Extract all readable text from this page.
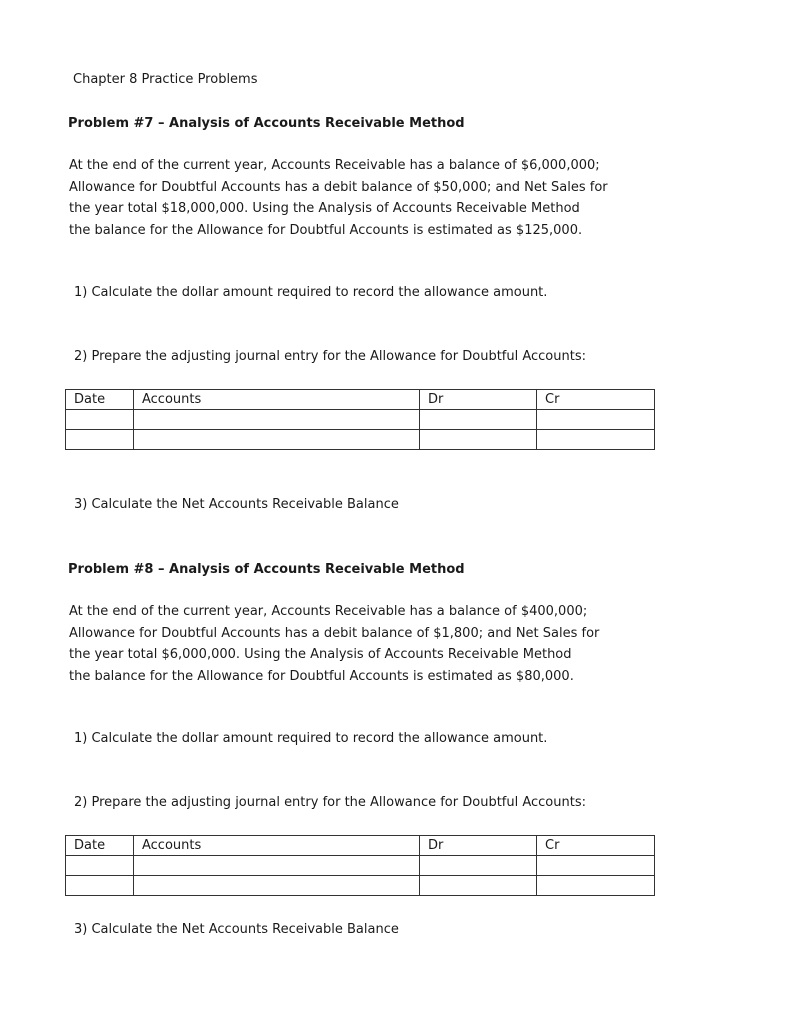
Chapter 8 Practice Problems
Problem #7 – Analysis of Accounts Receivable Method
At the end of the current year, Accounts Receivable has a balance of $6,000,000;
Allowance for Doubtful Accounts has a debit balance of $50,000; and Net Sales for
the year total $18,000,000. Using the Analysis of Accounts Receivable Method
the balance for the Allowance for Doubtful Accounts is estimated as $125,000.
1) Calculate the dollar amount required to record the allowance amount.
2) Prepare the adjusting journal entry for the Allowance for Doubtful Accounts:
Date	Accounts	Dr	Cr

3) Calculate the Net Accounts Receivable Balance
Problem #8 – Analysis of Accounts Receivable Method
At the end of the current year, Accounts Receivable has a balance of $400,000;
Allowance for Doubtful Accounts has a debit balance of $1,800; and Net Sales for
the year total $6,000,000. Using the Analysis of Accounts Receivable Method
the balance for the Allowance for Doubtful Accounts is estimated as $80,000.
1) Calculate the dollar amount required to record the allowance amount.
2) Prepare the adjusting journal entry for the Allowance for Doubtful Accounts:
Date	Accounts	Dr	Cr

3) Calculate the Net Accounts Receivable Balance
